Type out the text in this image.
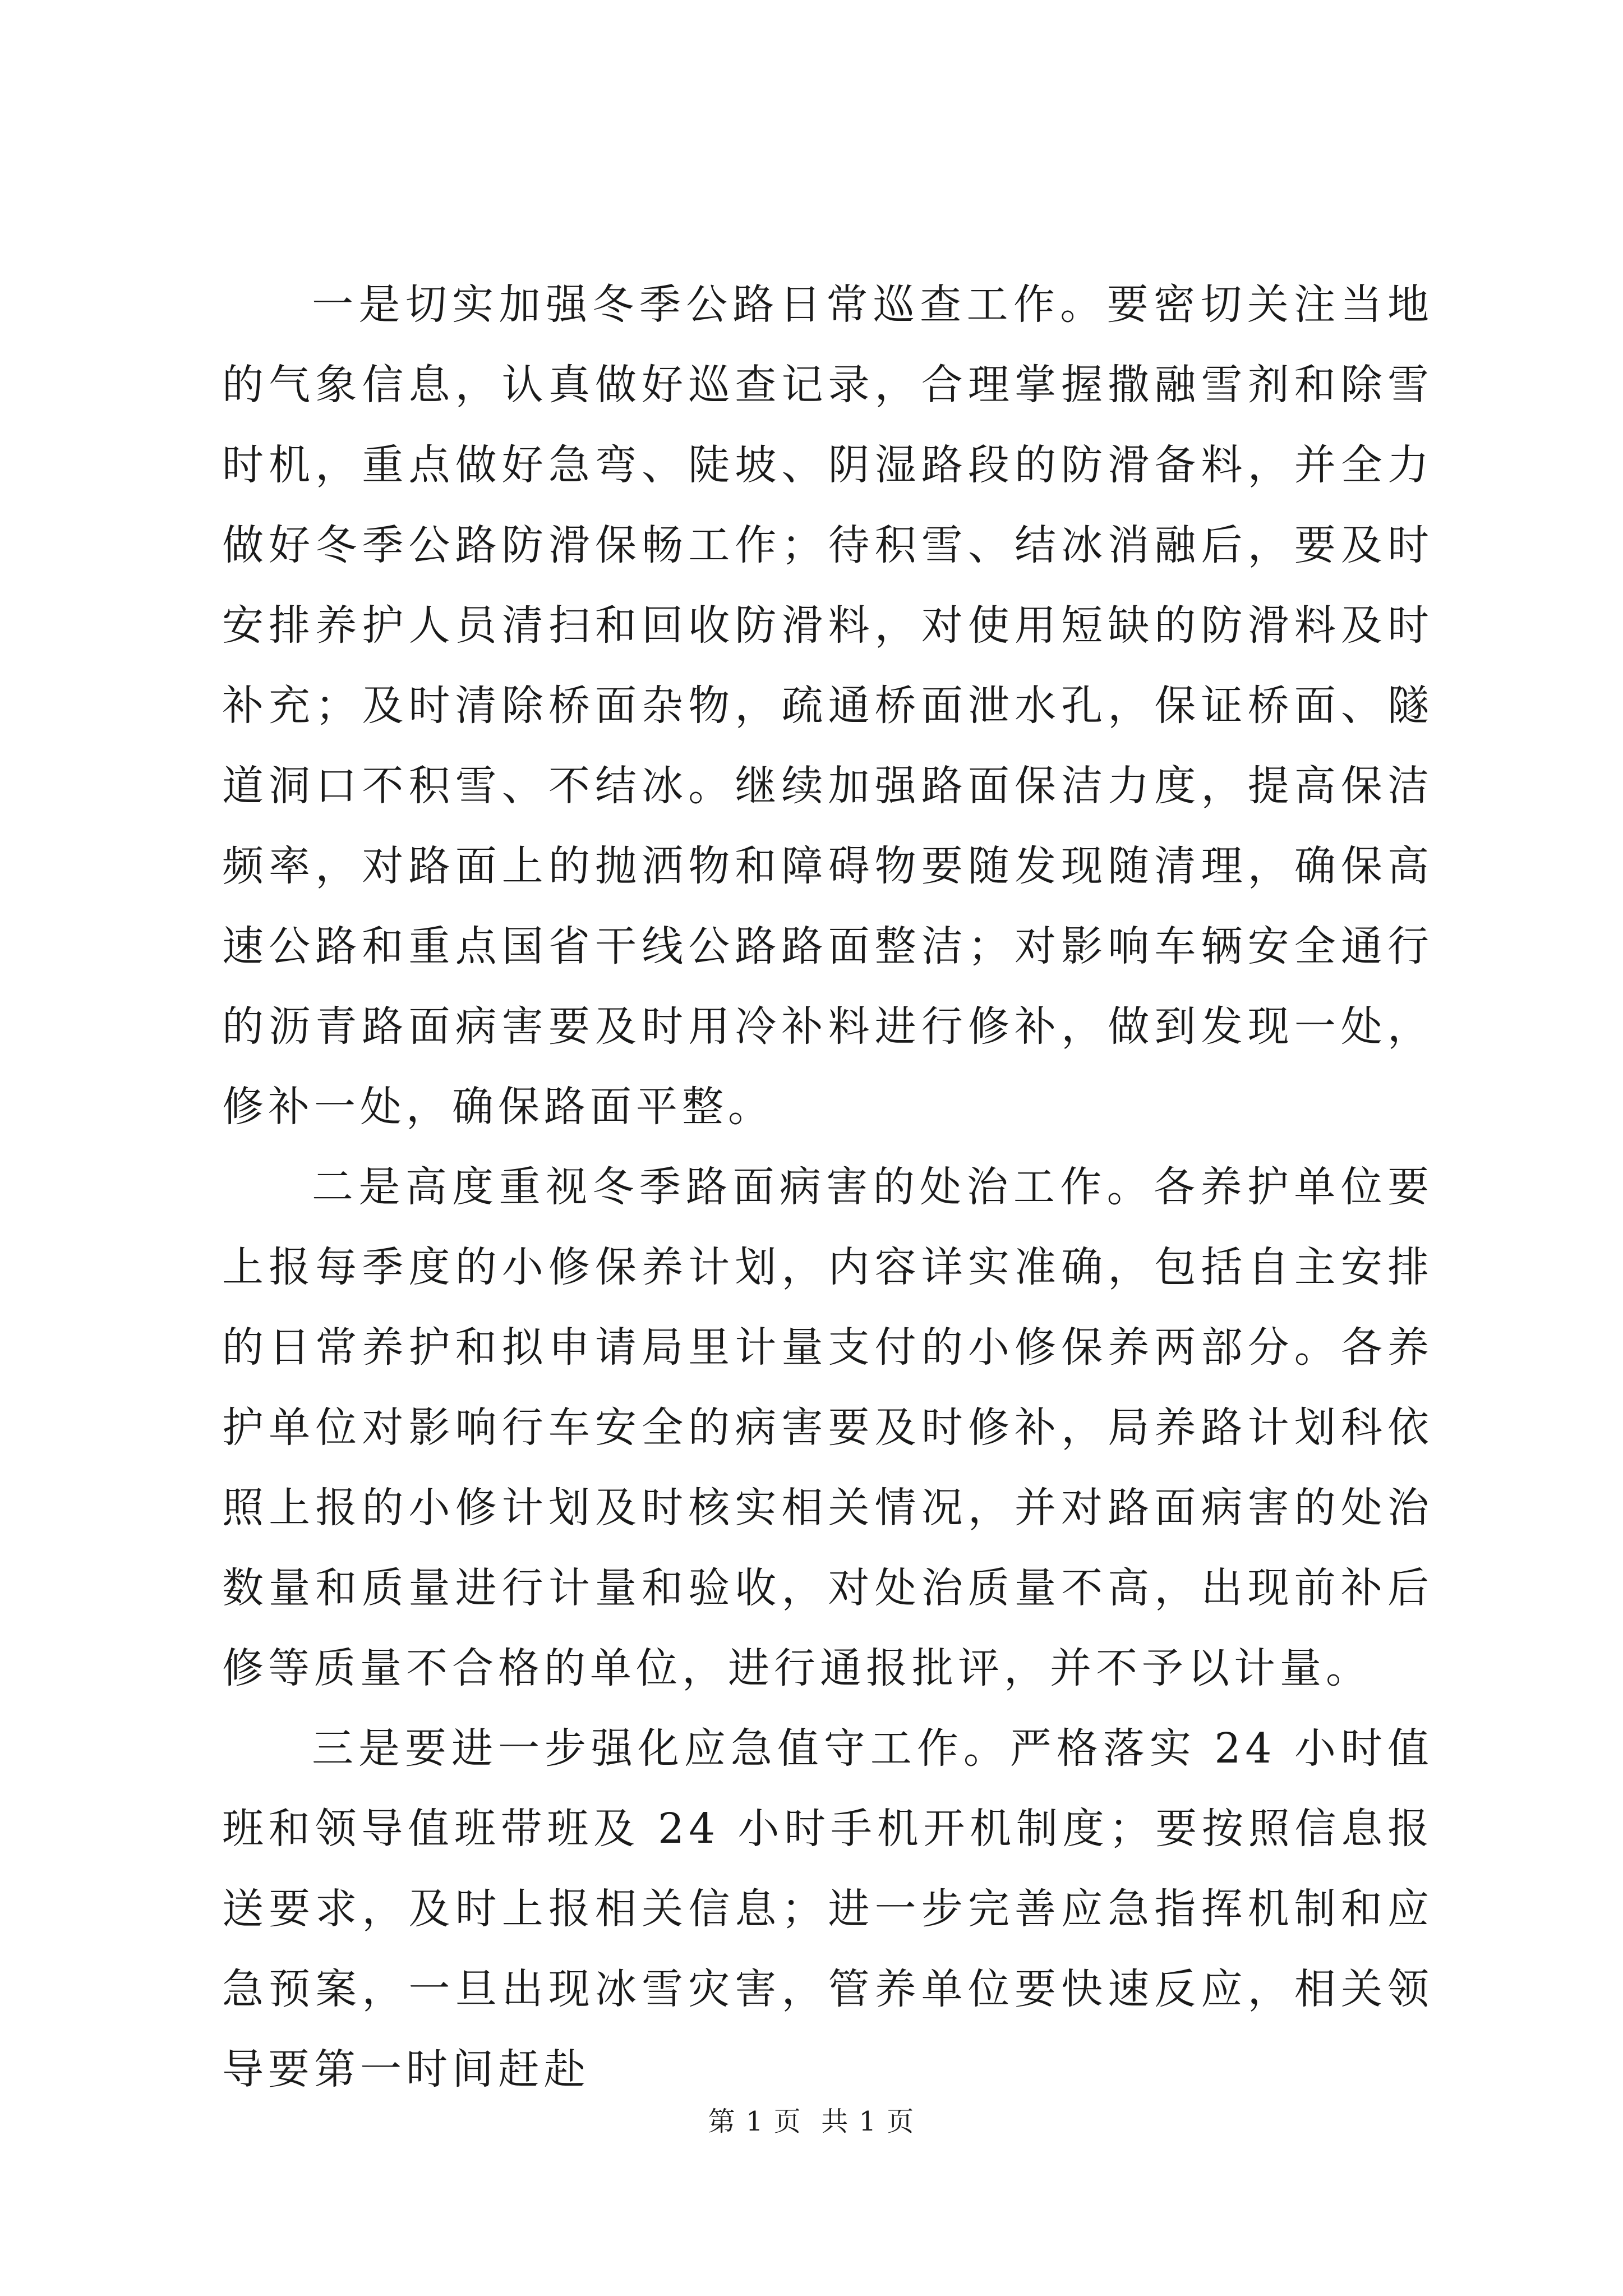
一是切实加强冬季公路日常巡查工作。要密切关注当地的气象信息，认真做好巡查记录，合理掌握撒融雪剂和除雪时机，重点做好急弯、陡坡、阴湿路段的防滑备料，并全力做好冬季公路防滑保畅工作；待积雪、结冰消融后，要及时安排养护人员清扫和回收防滑料，对使用短缺的防滑料及时补充；及时清除桥面杂物，疏通桥面泄水孔，保证桥面、隧道洞口不积雪、不结冰。继续加强路面保洁力度，提高保洁频率，对路面上的抛洒物和障碍物要随发现随清理，确保高速公路和重点国省干线公路路面整洁；对影响车辆安全通行的沥青路面病害要及时用冷补料进行修补，做到发现一处，修补一处，确保路面平整。

二是高度重视冬季路面病害的处治工作。各养护单位要上报每季度的小修保养计划，内容详实准确，包括自主安排的日常养护和拟申请局里计量支付的小修保养两部分。各养护单位对影响行车安全的病害要及时修补，局养路计划科依照上报的小修计划及时核实相关情况，并对路面病害的处治数量和质量进行计量和验收，对处治质量不高，出现前补后修等质量不合格的单位，进行通报批评，并不予以计量。

三是要进一步强化应急值守工作。严格落实 24 小时值班和领导值班带班及 24 小时手机开机制度；要按照信息报送要求，及时上报相关信息；进一步完善应急指挥机制和应急预案，一旦出现冰雪灾害，管养单位要快速反应，相关领导要第一时间赶赴

第 1 页  共 1 页
